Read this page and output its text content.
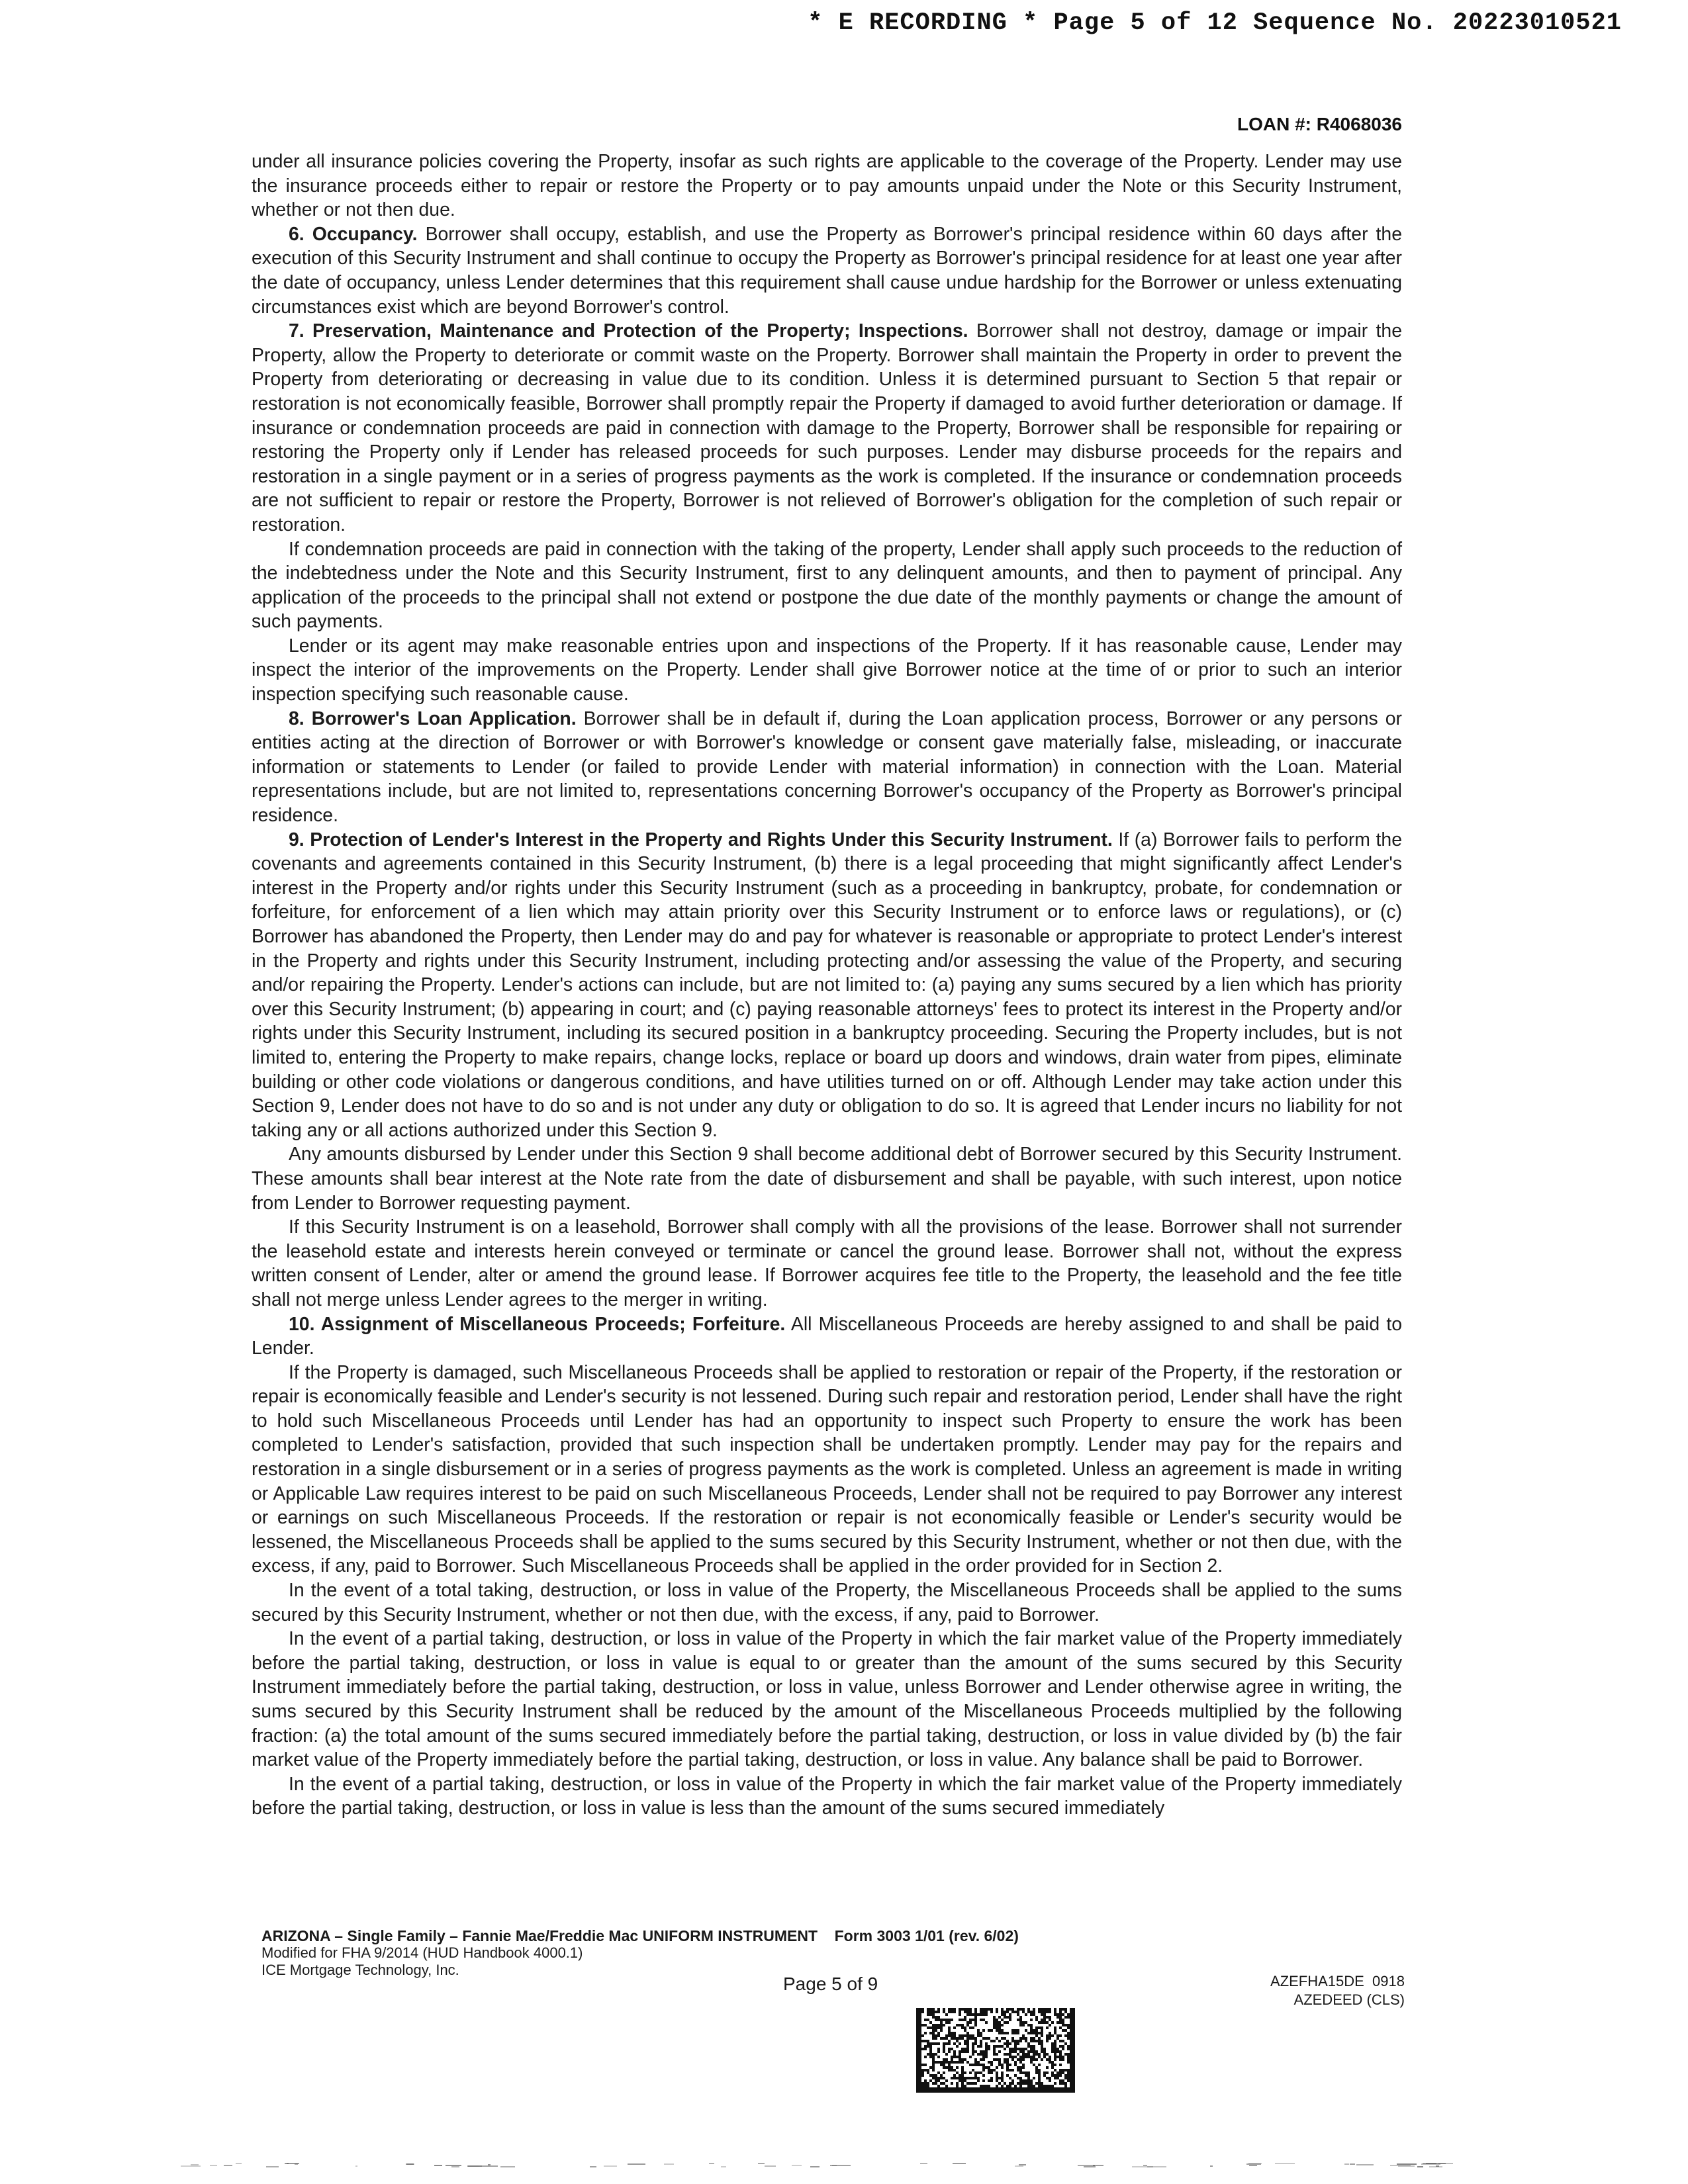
* E RECORDING * Page 5 of 12 Sequence No. 20223010521
LOAN #: R4068036

under all insurance policies covering the Property, insofar as such rights are applicable to the coverage of the Property. Lender may use the insurance proceeds either to repair or restore the Property or to pay amounts unpaid under the Note or this Security Instrument, whether or not then due.

6. Occupancy. Borrower shall occupy, establish, and use the Property as Borrower's principal residence within 60 days after the execution of this Security Instrument and shall continue to occupy the Property as Borrower's principal residence for at least one year after the date of occupancy, unless Lender determines that this requirement shall cause undue hardship for the Borrower or unless extenuating circumstances exist which are beyond Borrower's control.

7. Preservation, Maintenance and Protection of the Property; Inspections. Borrower shall not destroy, damage or impair the Property, allow the Property to deteriorate or commit waste on the Property. Borrower shall maintain the Property in order to prevent the Property from deteriorating or decreasing in value due to its condition. Unless it is determined pursuant to Section 5 that repair or restoration is not economically feasible, Borrower shall promptly repair the Property if damaged to avoid further deterioration or damage. If insurance or condemnation proceeds are paid in connection with damage to the Property, Borrower shall be responsible for repairing or restoring the Property only if Lender has released proceeds for such purposes. Lender may disburse proceeds for the repairs and restoration in a single payment or in a series of progress payments as the work is completed. If the insurance or condemnation proceeds are not sufficient to repair or restore the Property, Borrower is not relieved of Borrower's obligation for the completion of such repair or restoration.

If condemnation proceeds are paid in connection with the taking of the property, Lender shall apply such proceeds to the reduction of the indebtedness under the Note and this Security Instrument, first to any delinquent amounts, and then to payment of principal. Any application of the proceeds to the principal shall not extend or postpone the due date of the monthly payments or change the amount of such payments.

Lender or its agent may make reasonable entries upon and inspections of the Property. If it has reasonable cause, Lender may inspect the interior of the improvements on the Property. Lender shall give Borrower notice at the time of or prior to such an interior inspection specifying such reasonable cause.

8. Borrower's Loan Application. Borrower shall be in default if, during the Loan application process, Borrower or any persons or entities acting at the direction of Borrower or with Borrower's knowledge or consent gave materially false, misleading, or inaccurate information or statements to Lender (or failed to provide Lender with material information) in connection with the Loan. Material representations include, but are not limited to, representations concerning Borrower's occupancy of the Property as Borrower's principal residence.

9. Protection of Lender's Interest in the Property and Rights Under this Security Instrument. If (a) Borrower fails to perform the covenants and agreements contained in this Security Instrument, (b) there is a legal proceeding that might significantly affect Lender's interest in the Property and/or rights under this Security Instrument (such as a proceeding in bankruptcy, probate, for condemnation or forfeiture, for enforcement of a lien which may attain priority over this Security Instrument or to enforce laws or regulations), or (c) Borrower has abandoned the Property, then Lender may do and pay for whatever is reasonable or appropriate to protect Lender's interest in the Property and rights under this Security Instrument, including protecting and/or assessing the value of the Property, and securing and/or repairing the Property. Lender's actions can include, but are not limited to: (a) paying any sums secured by a lien which has priority over this Security Instrument; (b) appearing in court; and (c) paying reasonable attorneys' fees to protect its interest in the Property and/or rights under this Security Instrument, including its secured position in a bankruptcy proceeding. Securing the Property includes, but is not limited to, entering the Property to make repairs, change locks, replace or board up doors and windows, drain water from pipes, eliminate building or other code violations or dangerous conditions, and have utilities turned on or off. Although Lender may take action under this Section 9, Lender does not have to do so and is not under any duty or obligation to do so. It is agreed that Lender incurs no liability for not taking any or all actions authorized under this Section 9.

Any amounts disbursed by Lender under this Section 9 shall become additional debt of Borrower secured by this Security Instrument. These amounts shall bear interest at the Note rate from the date of disbursement and shall be payable, with such interest, upon notice from Lender to Borrower requesting payment.

If this Security Instrument is on a leasehold, Borrower shall comply with all the provisions of the lease. Borrower shall not surrender the leasehold estate and interests herein conveyed or terminate or cancel the ground lease. Borrower shall not, without the express written consent of Lender, alter or amend the ground lease. If Borrower acquires fee title to the Property, the leasehold and the fee title shall not merge unless Lender agrees to the merger in writing.

10. Assignment of Miscellaneous Proceeds; Forfeiture. All Miscellaneous Proceeds are hereby assigned to and shall be paid to Lender.

If the Property is damaged, such Miscellaneous Proceeds shall be applied to restoration or repair of the Property, if the restoration or repair is economically feasible and Lender's security is not lessened. During such repair and restoration period, Lender shall have the right to hold such Miscellaneous Proceeds until Lender has had an opportunity to inspect such Property to ensure the work has been completed to Lender's satisfaction, provided that such inspection shall be undertaken promptly. Lender may pay for the repairs and restoration in a single disbursement or in a series of progress payments as the work is completed. Unless an agreement is made in writing or Applicable Law requires interest to be paid on such Miscellaneous Proceeds, Lender shall not be required to pay Borrower any interest or earnings on such Miscellaneous Proceeds. If the restoration or repair is not economically feasible or Lender's security would be lessened, the Miscellaneous Proceeds shall be applied to the sums secured by this Security Instrument, whether or not then due, with the excess, if any, paid to Borrower. Such Miscellaneous Proceeds shall be applied in the order provided for in Section 2.

In the event of a total taking, destruction, or loss in value of the Property, the Miscellaneous Proceeds shall be applied to the sums secured by this Security Instrument, whether or not then due, with the excess, if any, paid to Borrower.

In the event of a partial taking, destruction, or loss in value of the Property in which the fair market value of the Property immediately before the partial taking, destruction, or loss in value is equal to or greater than the amount of the sums secured by this Security Instrument immediately before the partial taking, destruction, or loss in value, unless Borrower and Lender otherwise agree in writing, the sums secured by this Security Instrument shall be reduced by the amount of the Miscellaneous Proceeds multiplied by the following fraction: (a) the total amount of the sums secured immediately before the partial taking, destruction, or loss in value divided by (b) the fair market value of the Property immediately before the partial taking, destruction, or loss in value. Any balance shall be paid to Borrower.

In the event of a partial taking, destruction, or loss in value of the Property in which the fair market value of the Property immediately before the partial taking, destruction, or loss in value is less than the amount of the sums secured immediately

ARIZONA – Single Family – Fannie Mae/Freddie Mac UNIFORM INSTRUMENT Form 3003 1/01 (rev. 6/02)
Modified for FHA 9/2014 (HUD Handbook 4000.1)
ICE Mortgage Technology, Inc.
Page 5 of 9	AZEFHA15DE  0918
AZEDEED (CLS)
